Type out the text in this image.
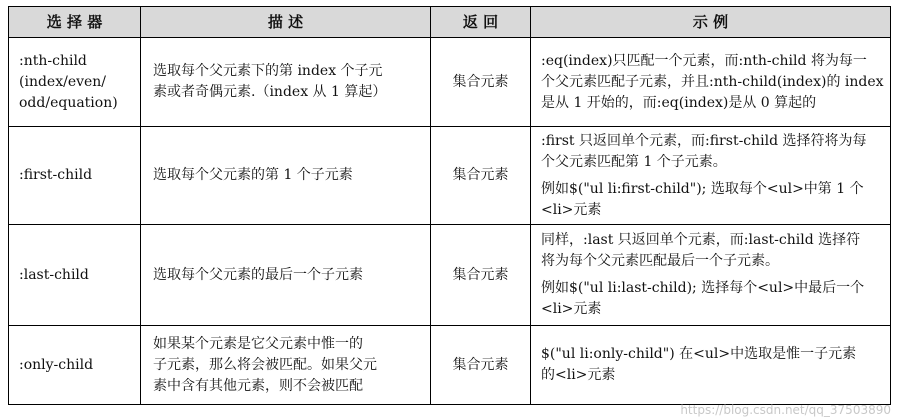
选 择 器	描 述	返 回	示 例

:nth-child
(index/even/
odd/equation)	选取每个父元素下的第 index 个子元
素或者奇偶元素.（index 从 1 算起）	集合元素	:eq(index)只匹配一个元素，而:nth-child 将为每一
个父元素匹配子元素，并且:nth-child(index)的 index
是从 1 开始的，而:eq(index)是从 0 算起的

:first-child	选取每个父元素的第 1 个子元素	集合元素	:first 只返回单个元素，而:first-child 选择符将为每
个父元素匹配第 1 个子元素。
例如$("ul li:first-child"); 选取每个<ul>中第 1 个
<li>元素

:last-child	选取每个父元素的最后一个子元素	集合元素	同样，:last 只返回单个元素，而:last-child 选择符
将为每个父元素匹配最后一个子元素。
例如$("ul li:last-child); 选择每个<ul>中最后一个
<li>元素

:only-child	如果某个元素是它父元素中惟一的
子元素，那么将会被匹配。如果父元
素中含有其他元素，则不会被匹配	集合元素	$("ul li:only-child") 在<ul>中选取是惟一子元素
的<li>元素
https://blog.csdn.net/qq_37503890
